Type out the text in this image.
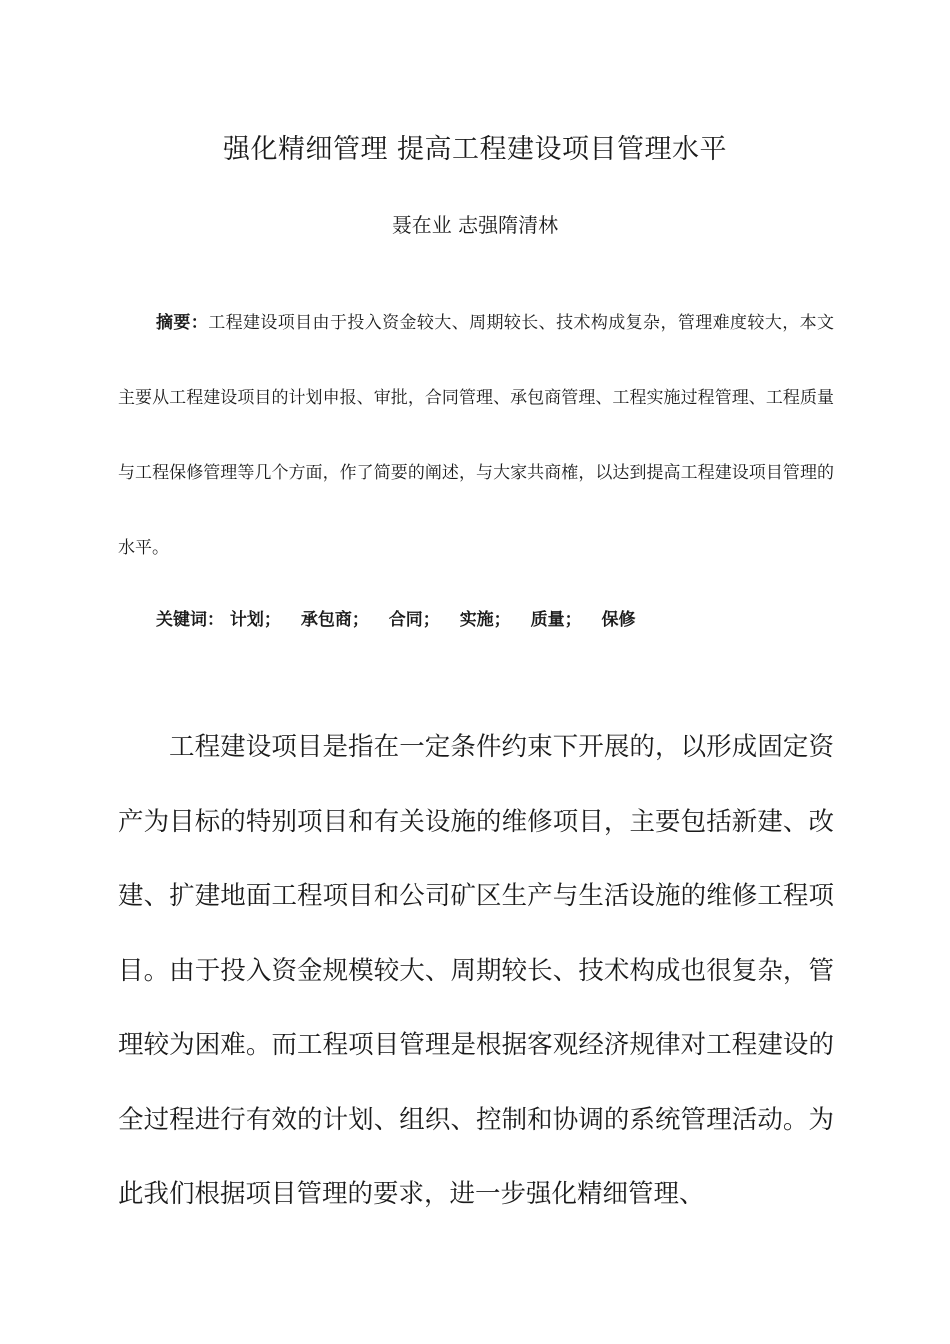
强化精细管理 提高工程建设项目管理水平
聂在业 志强隋清林
摘要：工程建设项目由于投入资金较大、周期较长、技术构成复杂，管理难度较大，本文主要从工程建设项目的计划申报、审批，合同管理、承包商管理、工程实施过程管理、工程质量与工程保修管理等几个方面，作了简要的阐述，与大家共商榷，以达到提高工程建设项目管理的水平。
关键词： 计划； 承包商； 合同； 实施； 质量； 保修
工程建设项目是指在一定条件约束下开展的，以形成固定资产为目标的特别项目和有关设施的维修项目，主要包括新建、改建、扩建地面工程项目和公司矿区生产与生活设施的维修工程项目。由于投入资金规模较大、周期较长、技术构成也很复杂，管理较为困难。而工程项目管理是根据客观经济规律对工程建设的全过程进行有效的计划、组织、控制和协调的系统管理活动。为此我们根据项目管理的要求，进一步强化精细管理、
